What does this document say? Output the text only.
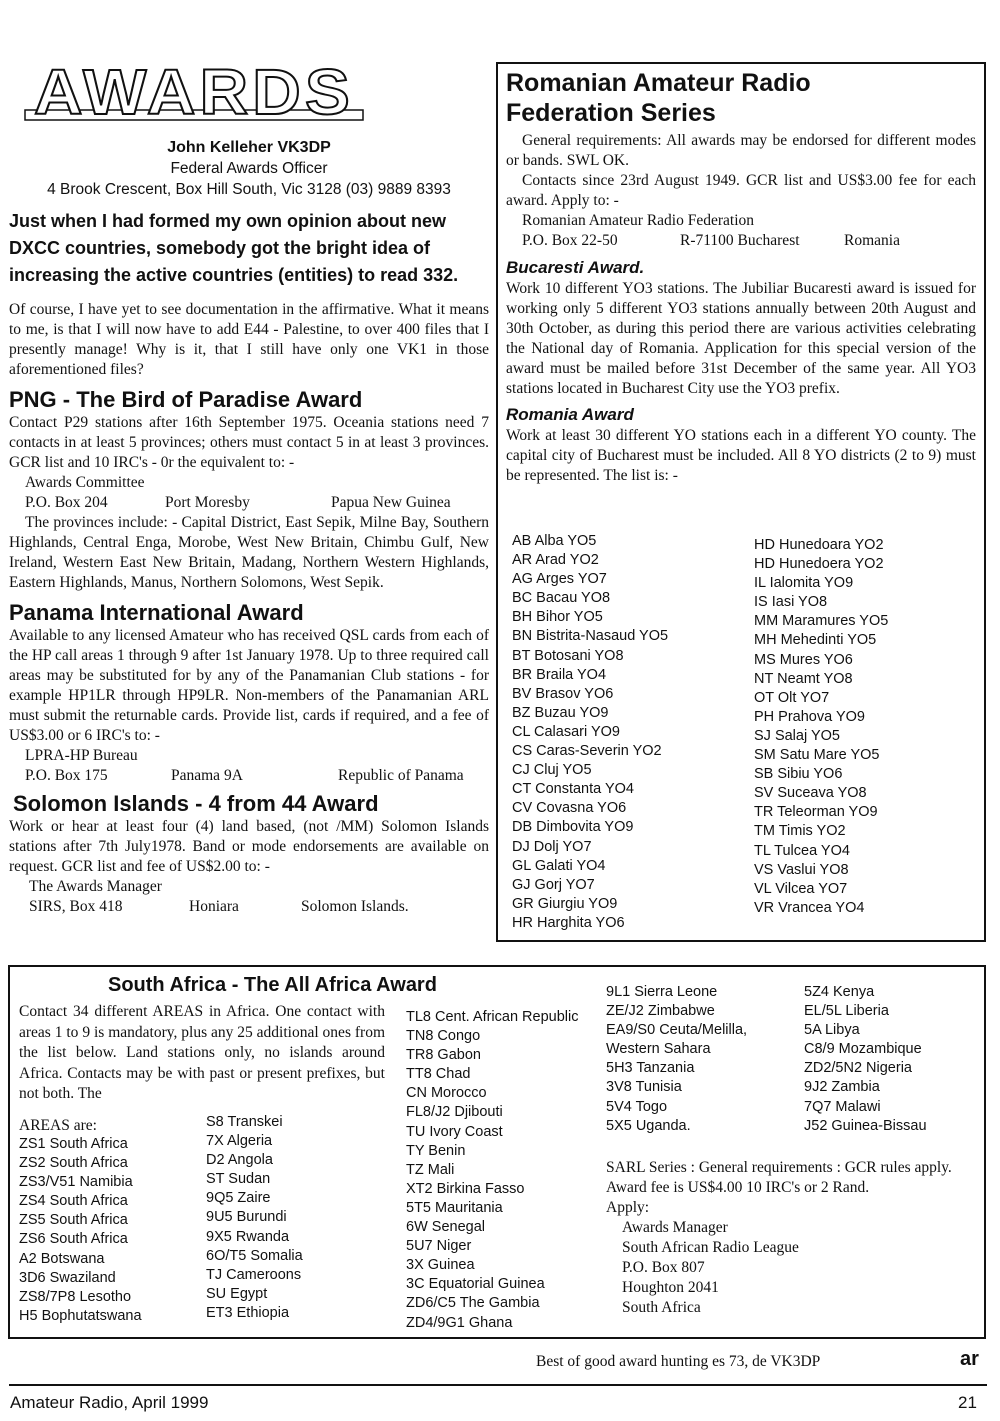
AWARDS
John Kelleher VK3DP
Federal Awards Officer
4 Brook Crescent, Box Hill South, Vic 3128 (03) 9889 8393
Just when I had formed my own opinion about new DXCC countries, somebody got the bright idea of increasing the active countries (entities) to read 332.
Of course, I have yet to see documentation in the affirmative. What it means to me, is that I will now have to add E44 - Palestine, to over 400 files that I presently manage! Why is it, that I still have only one VK1 in those aforementioned files?
PNG - The Bird of Paradise Award
Contact P29 stations after 16th September 1975. Oceania stations need 7 contacts in at least 5 provinces; others must contact 5 in at least 3 provinces. GCR list and 10 IRC's - 0r the equivalent to: -
Awards Committee
P.O. Box 204	Port Moresby	Papua New Guinea
The provinces include: - Capital District, East Sepik, Milne Bay, Southern Highlands, Central Enga, Morobe, West New Britain, Chimbu Gulf, New Ireland, Western East New Britain, Madang, Northern Western Highlands, Eastern Highlands, Manus, Northern Solomons, West Sepik.
Panama International Award
Available to any licensed Amateur who has received QSL cards from each of the HP call areas 1 through 9 after 1st January 1978. Up to three required call areas may be substituted for by any of the Panamanian Club stations - for example HP1LR through HP9LR. Non-members of the Panamanian ARL must submit the returnable cards. Provide list, cards if required, and a fee of US$3.00 or 6 IRC's to: -
LPRA-HP Bureau
P.O. Box 175	Panama 9A	Republic of Panama
Solomon Islands - 4 from 44 Award
Work or hear at least four (4) land based, (not /MM) Solomon Islands stations after 7th July1978. Band or mode endorsements are available on request. GCR list and fee of US$2.00 to: -
The Awards Manager
SIRS, Box 418	Honiara	Solomon Islands.
Romanian Amateur Radio
Federation Series
General requirements: All awards may be endorsed for different modes or bands. SWL OK.
Contacts since 23rd August 1949. GCR list and US$3.00 fee for each award. Apply to: -
Romanian Amateur Radio Federation
P.O. Box 22-50	R-71100 Bucharest	Romania
Bucaresti Award.
Work 10 different YO3 stations. The Jubiliar Bucaresti award is issued for working only 5 different YO3 stations annually between 20th August and 30th October, as during this period there are various activities celebrating the National day of Romania. Application for this special version of the award must be mailed before 31st December of the same year. All YO3 stations located in Bucharest City use the YO3 prefix.
Romania Award
Work at least 30 different YO stations each in a different YO county. The capital city of Bucharest must be included. All 8 YO districts (2 to 9) must be represented. The list is: -
AB Alba YO5
AR Arad YO2
AG Arges YO7
BC Bacau YO8
BH Bihor YO5
BN Bistrita-Nasaud YO5
BT Botosani YO8
BR Braila YO4
BV Brasov YO6
BZ Buzau YO9
CL Calasari YO9
CS Caras-Severin YO2
CJ Cluj YO5
CT Constanta YO4
CV Covasna YO6
DB Dimbovita YO9
DJ Dolj YO7
GL Galati YO4
GJ Gorj YO7
GR Giurgiu YO9
HR Harghita YO6
HD Hunedoara YO2
HD Hunedoera YO2
IL Ialomita YO9
IS Iasi YO8
MM Maramures YO5
MH Mehedinti YO5
MS Mures YO6
NT Neamt YO8
OT Olt YO7
PH Prahova YO9
SJ Salaj YO5
SM Satu Mare YO5
SB Sibiu YO6
SV Suceava YO8
TR Teleorman YO9
TM Timis YO2
TL Tulcea YO4
VS Vaslui YO8
VL Vilcea YO7
VR Vrancea YO4
South Africa - The All Africa Award
Contact 34 different AREAS in Africa. One contact with areas 1 to 9 is mandatory, plus any 25 additional ones from the list below. Land stations only, no islands around Africa. Contacts may be with past or present prefixes, but not both. The
AREAS are:
ZS1 South Africa
ZS2 South Africa
ZS3/V51 Namibia
ZS4 South Africa
ZS5 South Africa
ZS6 South Africa
A2 Botswana
3D6 Swaziland
ZS8/7P8 Lesotho
H5 Bophutatswana
S8 Transkei
7X Algeria
D2 Angola
ST Sudan
9Q5 Zaire
9U5 Burundi
9X5 Rwanda
6O/T5 Somalia
TJ Cameroons
SU Egypt
ET3 Ethiopia
TL8 Cent. African Republic
TN8 Congo
TR8 Gabon
TT8 Chad
CN Morocco
FL8/J2 Djibouti
TU Ivory Coast
TY Benin
TZ Mali
XT2 Birkina Fasso
5T5 Mauritania
6W Senegal
5U7 Niger
3X Guinea
3C Equatorial Guinea
ZD6/C5 The Gambia
ZD4/9G1 Ghana
9L1 Sierra Leone
ZE/J2 Zimbabwe
EA9/S0 Ceuta/Melilla,
Western Sahara
5H3 Tanzania
3V8 Tunisia
5V4 Togo
5X5 Uganda.
5Z4 Kenya
EL/5L Liberia
5A Libya
C8/9 Mozambique
ZD2/5N2 Nigeria
9J2 Zambia
7Q7 Malawi
J52 Guinea-Bissau
SARL Series : General requirements : GCR rules apply. Award fee is US$4.00 10 IRC's or 2 Rand.
Apply:
Awards Manager
South African Radio League
P.O. Box 807
Houghton 2041
South Africa
Best of good award hunting es 73, de VK3DP	ar
Amateur Radio, April 1999	21
